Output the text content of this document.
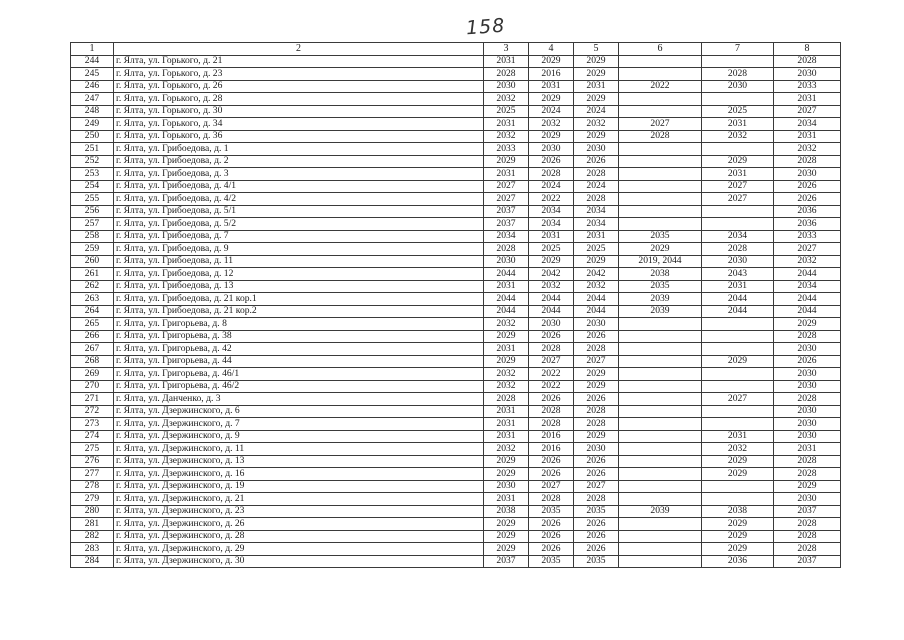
158
1	2	3	4	5	6	7	8
244	г. Ялта, ул. Горького, д. 21	2031	2029	2029			2028
245	г. Ялта, ул. Горького, д. 23	2028	2016	2029		2028	2030
246	г. Ялта, ул. Горького, д. 26	2030	2031	2031	2022	2030	2033
247	г. Ялта, ул. Горького, д. 28	2032	2029	2029			2031
248	г. Ялта, ул. Горького, д. 30	2025	2024	2024		2025	2027
249	г. Ялта, ул. Горького, д. 34	2031	2032	2032	2027	2031	2034
250	г. Ялта, ул. Горького, д. 36	2032	2029	2029	2028	2032	2031
251	г. Ялта, ул. Грибоедова, д. 1	2033	2030	2030			2032
252	г. Ялта, ул. Грибоедова, д. 2	2029	2026	2026		2029	2028
253	г. Ялта, ул. Грибоедова, д. 3	2031	2028	2028		2031	2030
254	г. Ялта, ул. Грибоедова, д. 4/1	2027	2024	2024		2027	2026
255	г. Ялта, ул. Грибоедова, д. 4/2	2027	2022	2028		2027	2026
256	г. Ялта, ул. Грибоедова, д. 5/1	2037	2034	2034			2036
257	г. Ялта, ул. Грибоедова, д. 5/2	2037	2034	2034			2036
258	г. Ялта, ул. Грибоедова, д. 7	2034	2031	2031	2035	2034	2033
259	г. Ялта, ул. Грибоедова, д. 9	2028	2025	2025	2029	2028	2027
260	г. Ялта, ул. Грибоедова, д. 11	2030	2029	2029	2019, 2044	2030	2032
261	г. Ялта, ул. Грибоедова, д. 12	2044	2042	2042	2038	2043	2044
262	г. Ялта, ул. Грибоедова, д. 13	2031	2032	2032	2035	2031	2034
263	г. Ялта, ул. Грибоедова, д. 21 кор.1	2044	2044	2044	2039	2044	2044
264	г. Ялта, ул. Грибоедова, д. 21 кор.2	2044	2044	2044	2039	2044	2044
265	г. Ялта, ул. Григорьева, д. 8	2032	2030	2030			2029
266	г. Ялта, ул. Григорьева, д. 38	2029	2026	2026			2028
267	г. Ялта, ул. Григорьева, д. 42	2031	2028	2028			2030
268	г. Ялта, ул. Григорьева, д. 44	2029	2027	2027		2029	2026
269	г. Ялта, ул. Григорьева, д. 46/1	2032	2022	2029			2030
270	г. Ялта, ул. Григорьева, д. 46/2	2032	2022	2029			2030
271	г. Ялта, ул. Данченко, д. 3	2028	2026	2026		2027	2028
272	г. Ялта, ул. Дзержинского, д. 6	2031	2028	2028			2030
273	г. Ялта, ул. Дзержинского, д. 7	2031	2028	2028			2030
274	г. Ялта, ул. Дзержинского, д. 9	2031	2016	2029		2031	2030
275	г. Ялта, ул. Дзержинского, д. 11	2032	2016	2030		2032	2031
276	г. Ялта, ул. Дзержинского, д. 13	2029	2026	2026		2029	2028
277	г. Ялта, ул. Дзержинского, д. 16	2029	2026	2026		2029	2028
278	г. Ялта, ул. Дзержинского, д. 19	2030	2027	2027			2029
279	г. Ялта, ул. Дзержинского, д. 21	2031	2028	2028			2030
280	г. Ялта, ул. Дзержинского, д. 23	2038	2035	2035	2039	2038	2037
281	г. Ялта, ул. Дзержинского, д. 26	2029	2026	2026		2029	2028
282	г. Ялта, ул. Дзержинского, д. 28	2029	2026	2026		2029	2028
283	г. Ялта, ул. Дзержинского, д. 29	2029	2026	2026		2029	2028
284	г. Ялта, ул. Дзержинского, д. 30	2037	2035	2035		2036	2037
